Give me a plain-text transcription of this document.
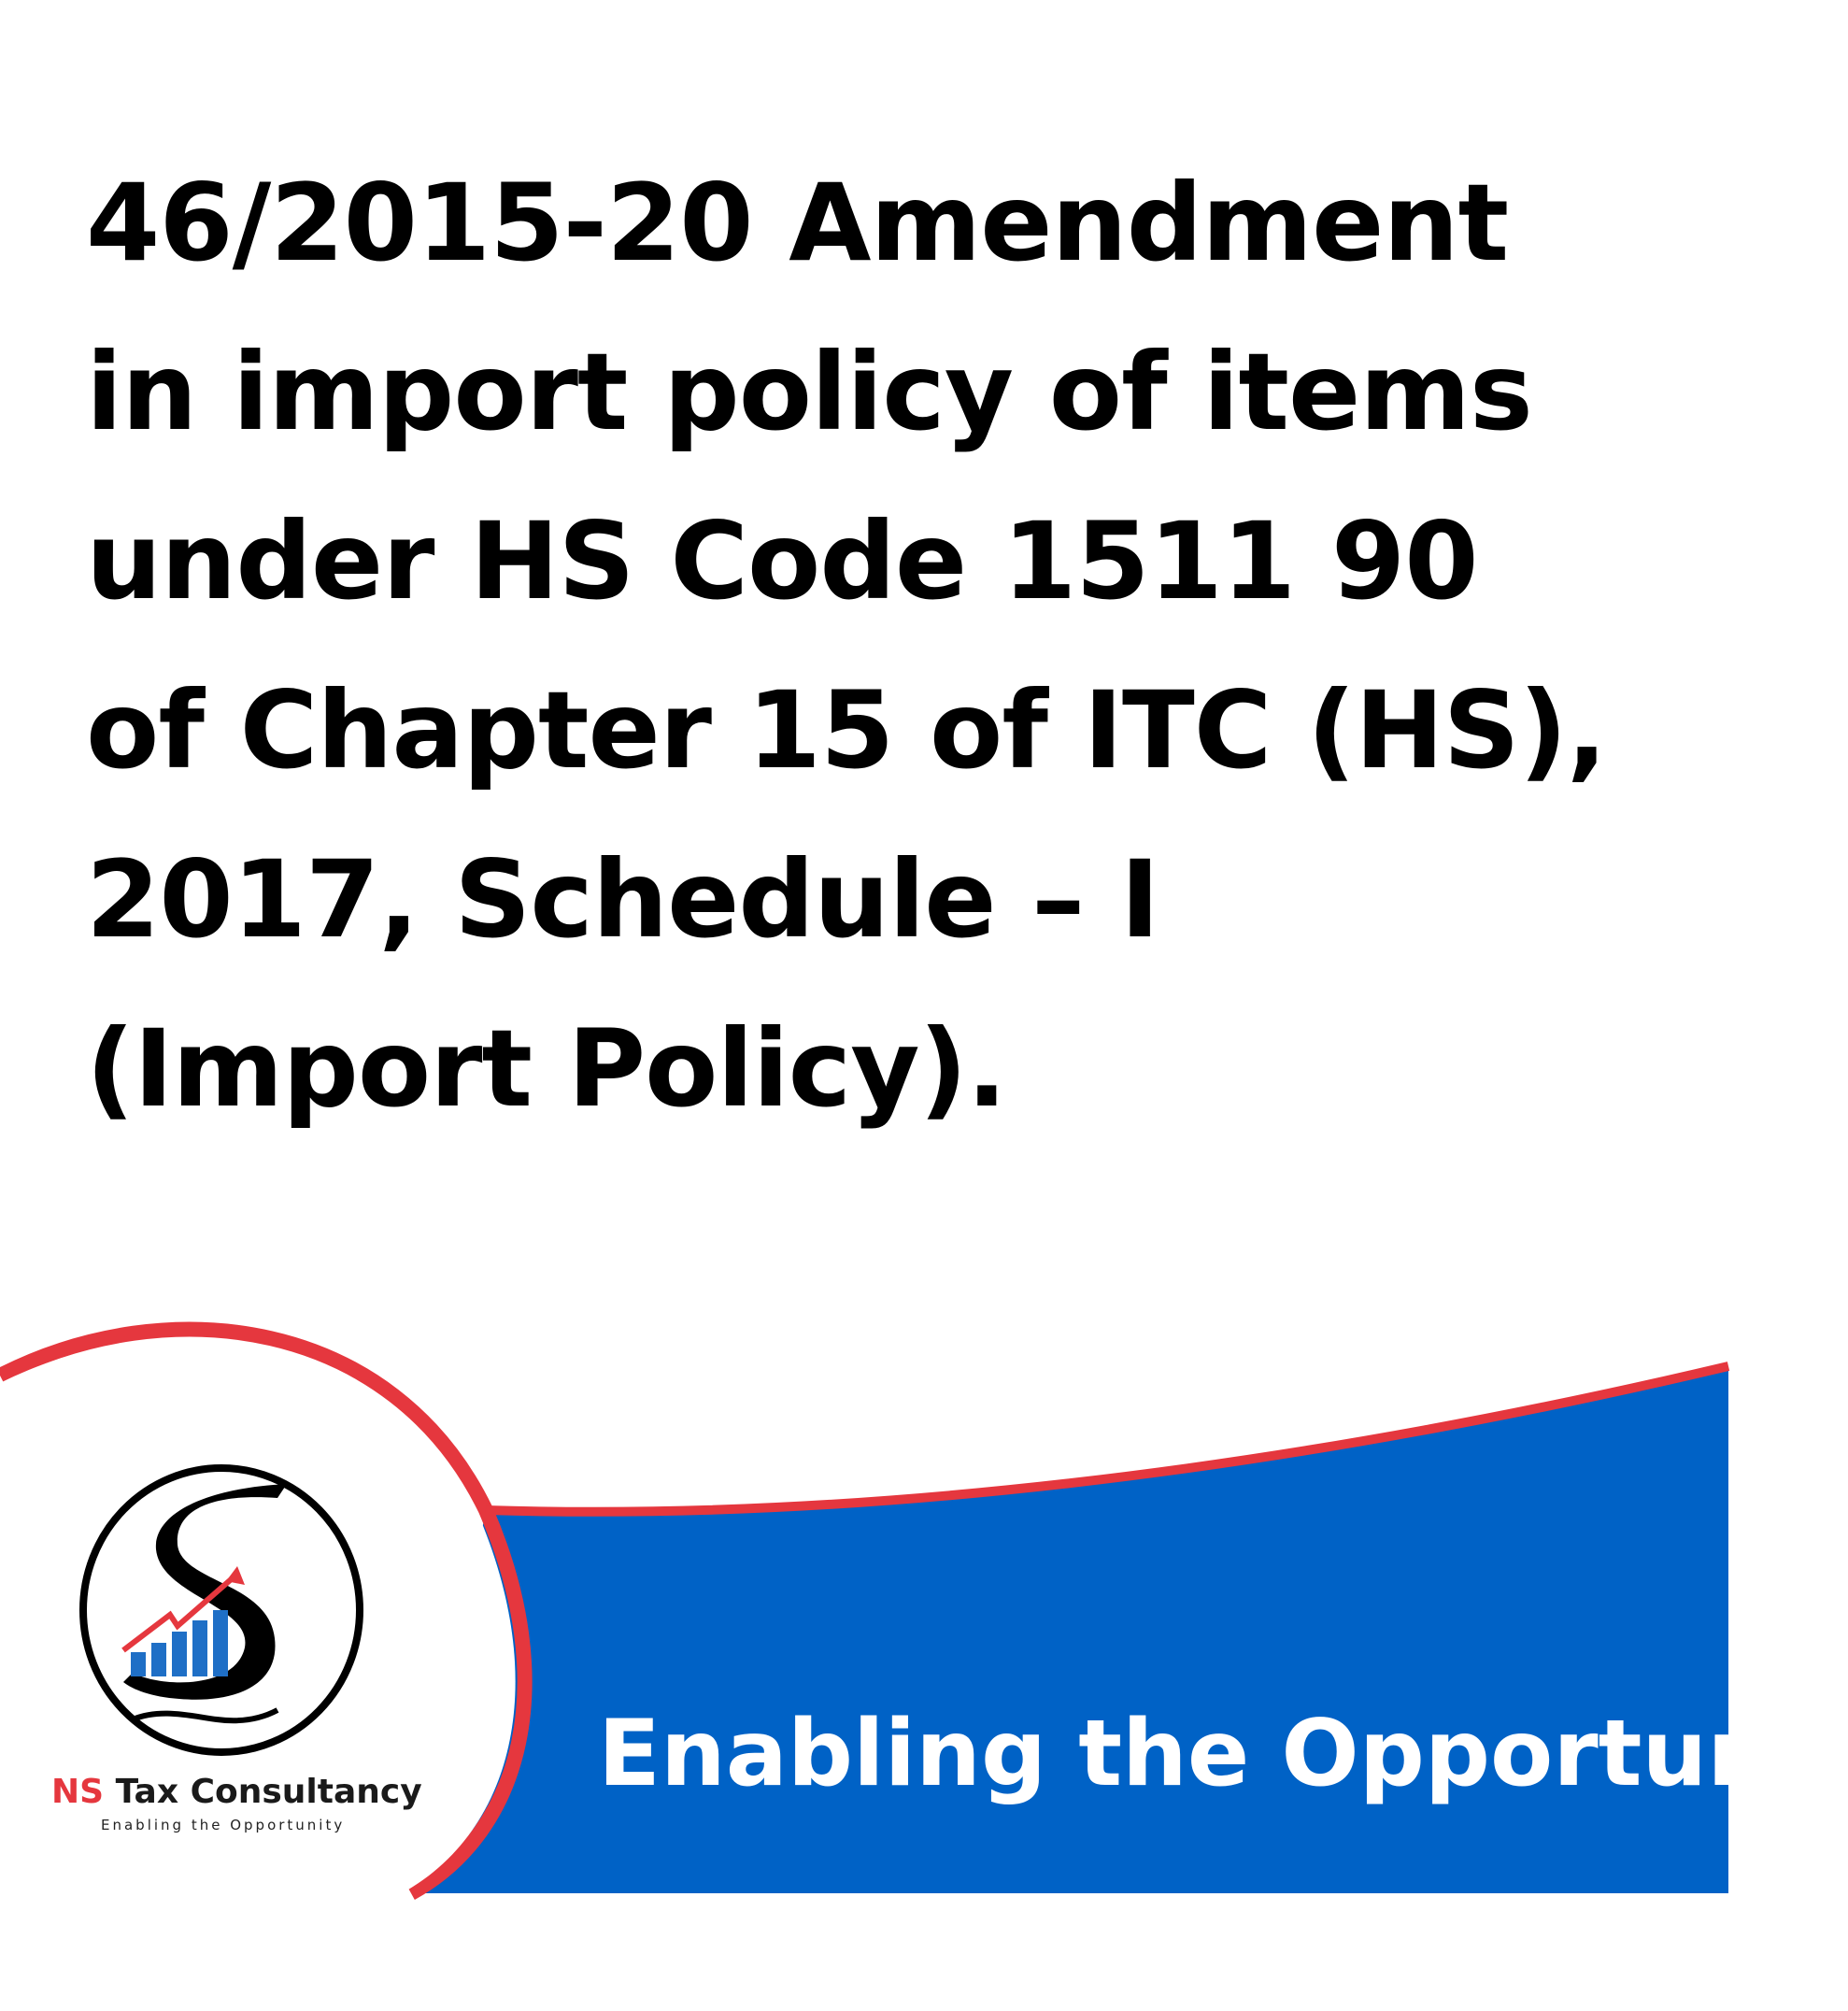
46/2015-20 Amendment
in import policy of items
under HS Code 1511 90
of Chapter 15 of ITC (HS),
2017, Schedule – I
(Import Policy).
Enabling the Opportunit
NS Tax Consultancy
Enabling the Opportunity
